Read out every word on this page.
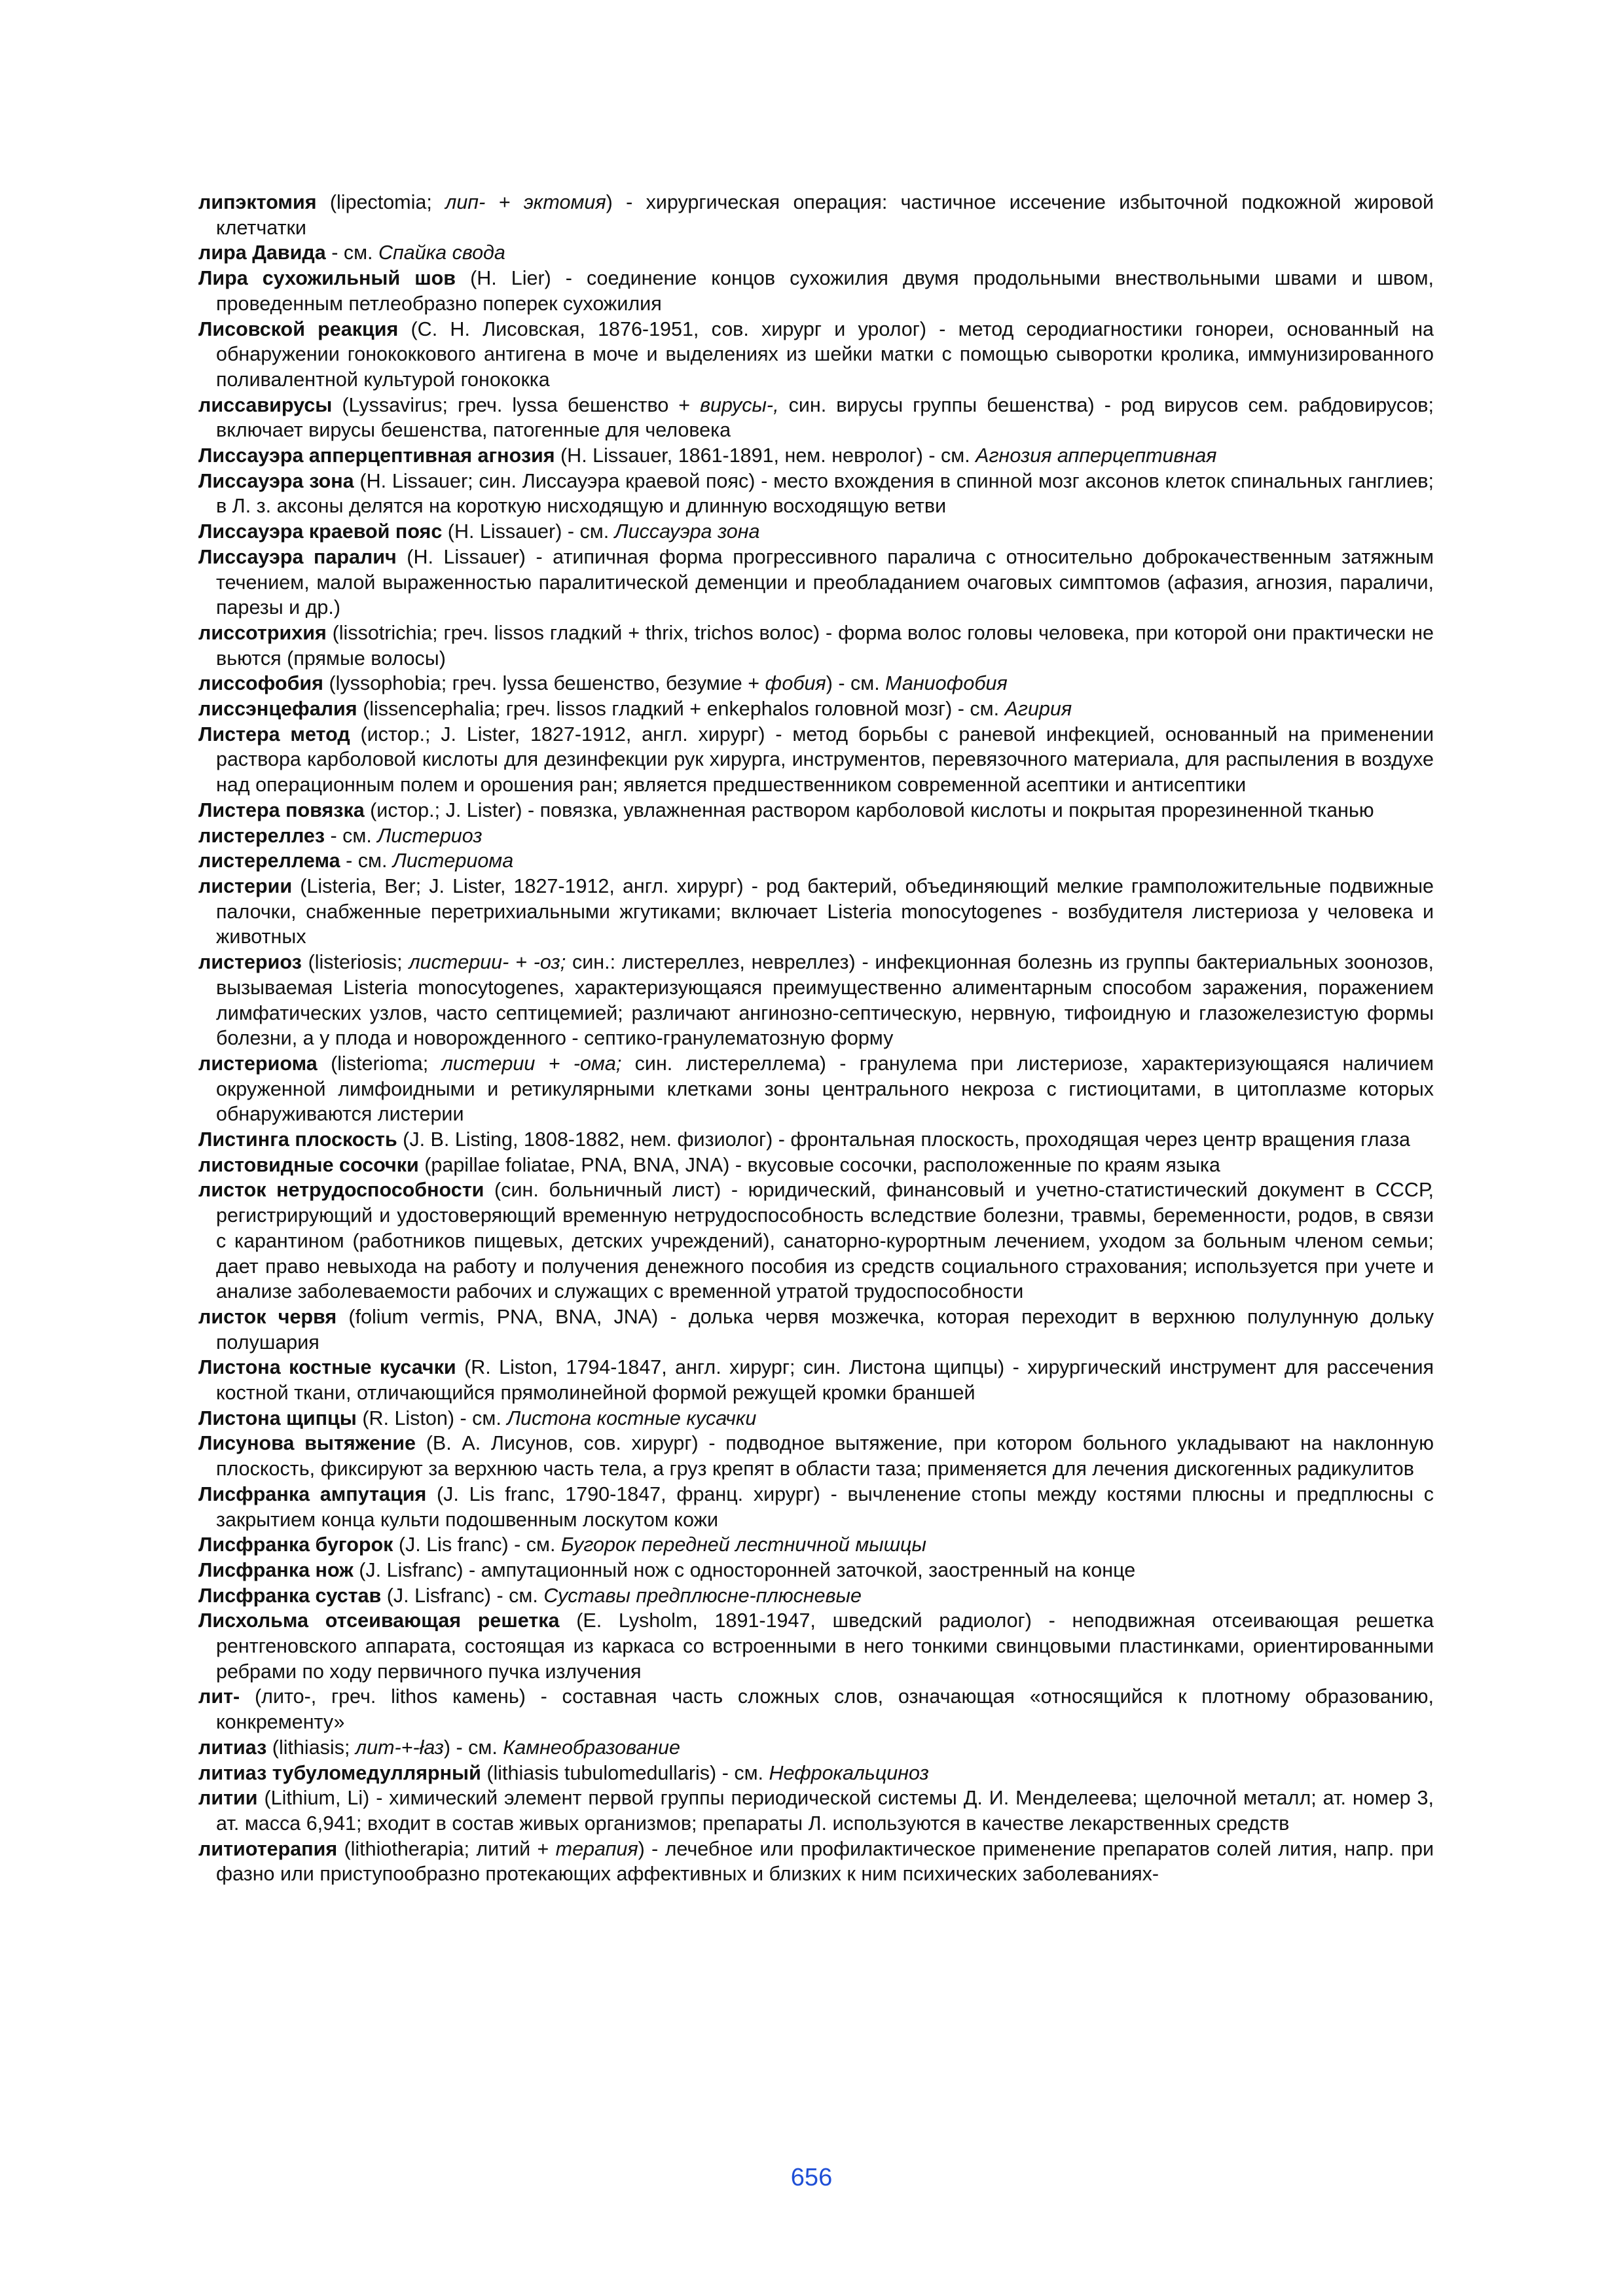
липэктомия (lipectomia; лип- + эктомия) - хирургическая операция: частичное иссечение избыточной подкожной жировой клетчатки

лира Давида - см. Спайка свода

Лира сухожильный шов (H. Lier) - соединение концов сухожилия двумя продольными внествольными швами и швом, проведенным петлеобразно поперек сухожилия

Лисовской реакция (С. Н. Лисовская, 1876-1951, сов. хирург и уролог) - метод серодиагностики гонореи, основанный на обнаружении гонококкового антигена в моче и выделениях из шейки матки с помощью сыворотки кролика, иммунизированного поливалентной культурой гонококка

лиссавирусы (Lyssavirus; греч. lyssa бешенство + вирусы-, син. вирусы группы бешенства) - род вирусов сем. рабдовирусов; включает вирусы бешенства, патогенные для человека

Лиссауэра апперцептивная агнозия (H. Lissauer, 1861-1891, нем. невролог) - см. Агнозия апперцептивная

Лиссауэра зона (H. Lissauer; син. Лиссауэра краевой пояс) - место вхождения в спинной мозг аксонов клеток спинальных ганглиев; в Л. з. аксоны делятся на короткую нисходящую и длинную восходящую ветви

Лиссауэра краевой пояс (H. Lissauer) - см. Лиссауэра зона

Лиссауэра паралич (H. Lissauer) - атипичная форма прогрессивного паралича с относительно доброкачественным затяжным течением, малой выраженностью паралитической деменции и преобладанием очаговых симптомов (афазия, агнозия, параличи, парезы и др.)

лиссотрихия (lissotrichia; греч. lissos гладкий + thrix, trichos волос) - форма волос головы человека, при которой они практически не вьются (прямые волосы)

лиссофобия (lyssophobia; греч. lyssa бешенство, безумие + фобия) - см. Маниофобия

лиссэнцефалия (lissencephalia; греч. lissos гладкий + enkephalos головной мозг) - см. Агирия

Листера метод (истор.; J. Lister, 1827-1912, англ. хирург) - метод борьбы с раневой инфекцией, основанный на применении раствора карболовой кислоты для дезинфекции рук хирурга, инструментов, перевязочного материала, для распыления в воздухе над операционным полем и орошения ран; является предшественником современной асептики и антисептики

Листера повязка (истор.; J. Lister) - повязка, увлажненная раствором карболовой кислоты и покрытая прорезиненной тканью

листереллез - см. Листериоз

листереллема - см. Листериома

листерии (Listeria, Ber; J. Lister, 1827-1912, англ. хирург) - род бактерий, объединяющий мелкие грамположительные подвижные палочки, снабженные перетрихиальными жгутиками; включает Listeria monocytogenes - возбудителя листериоза у человека и животных

листериоз (listeriosis; листерии- + -оз; син.: листереллез, невреллез) - инфекционная болезнь из группы бактериальных зоонозов, вызываемая Listeria monocytogenes, характеризующаяся преимущественно алиментарным способом заражения, поражением лимфатических узлов, часто септицемией; различают ангинозно-септическую, нервную, тифоидную и глазожелезистую формы болезни, а у плода и новорожденного - септико-гранулематозную форму

листериома (listerioma; листерии + -ома; син. листереллема) - гранулема при листериозе, характеризующаяся наличием окруженной лимфоидными и ретикулярными клетками зоны центрального некроза с гистиоцитами, в цитоплазме которых обнаруживаются листерии

Листинга плоскость (J. B. Listing, 1808-1882, нем. физиолог) - фронтальная плоскость, проходящая через центр вращения глаза

листовидные сосочки (papillae foliatae, PNA, BNA, JNA) - вкусовые сосочки, расположенные по краям языка

листок нетрудоспособности (син. больничный лист) - юридический, финансовый и учетно-статистический документ в СССР, регистрирующий и удостоверяющий временную нетрудоспособность вследствие болезни, травмы, беременности, родов, в связи с карантином (работников пищевых, детских учреждений), санаторно-курортным лечением, уходом за больным членом семьи; дает право невыхода на работу и получения денежного пособия из средств социального страхования; используется при учете и анализе заболеваемости рабочих и служащих с временной утратой трудоспособности

листок червя (folium vermis, PNA, BNA, JNA) - долька червя мозжечка, которая переходит в верхнюю полулунную дольку полушария

Листона костные кусачки (R. Liston, 1794-1847, англ. хирург; син. Листона щипцы) - хирургический инструмент для рассечения костной ткани, отличающийся прямолинейной формой режущей кромки браншей

Листона щипцы (R. Liston) - см. Листона костные кусачки

Лисунова вытяжение (В. А. Лисунов, сов. хирург) - подводное вытяжение, при котором больного укладывают на наклонную плоскость, фиксируют за верхнюю часть тела, а груз крепят в области таза; применяется для лечения дискогенных радикулитов

Лисфранка ампутация (J. Lis franc, 1790-1847, франц. хирург) - вычленение стопы между костями плюсны и предплюсны с закрытием конца культи подошвенным лоскутом кожи

Лисфранка бугорок (J. Lis franc) - см. Бугорок передней лестничной мышцы

Лисфранка нож (J. Lisfranc) - ампутационный нож с односторонней заточкой, заостренный на конце

Лисфранка сустав (J. Lisfranc) - см. Суставы предплюсне-плюсневые

Лисхольма отсеивающая решетка (E. Lysholm, 1891-1947, шведский радиолог) - неподвижная отсеивающая решетка рентгеновского аппарата, состоящая из каркаса со встроенными в него тонкими свинцовыми пластинками, ориентированными ребрами по ходу первичного пучка излучения

лит- (лито-, греч. lithos камень) - составная часть сложных слов, означающая «относящийся к плотному образованию, конкременту»

литиаз (lithiasis; лит-+-łаз) - см. Камнеобразование

литиаз тубуломедуллярный (lithiasis tubulomedullaris) - см. Нефрокальциноз

литии (Lithium, Li) - химический элемент первой группы периодической системы Д. И. Менделеева; щелочной металл; ат. номер 3, ат. масса 6,941; входит в состав живых организмов; препараты Л. используются в качестве лекарственных средств

литиотерапия (lithiotherapia; литий + терапия) - лечебное или профилактическое применение препаратов солей лития, напр. при фазно или приступообразно протекающих аффективных и близких к ним психических заболеваниях-

656
